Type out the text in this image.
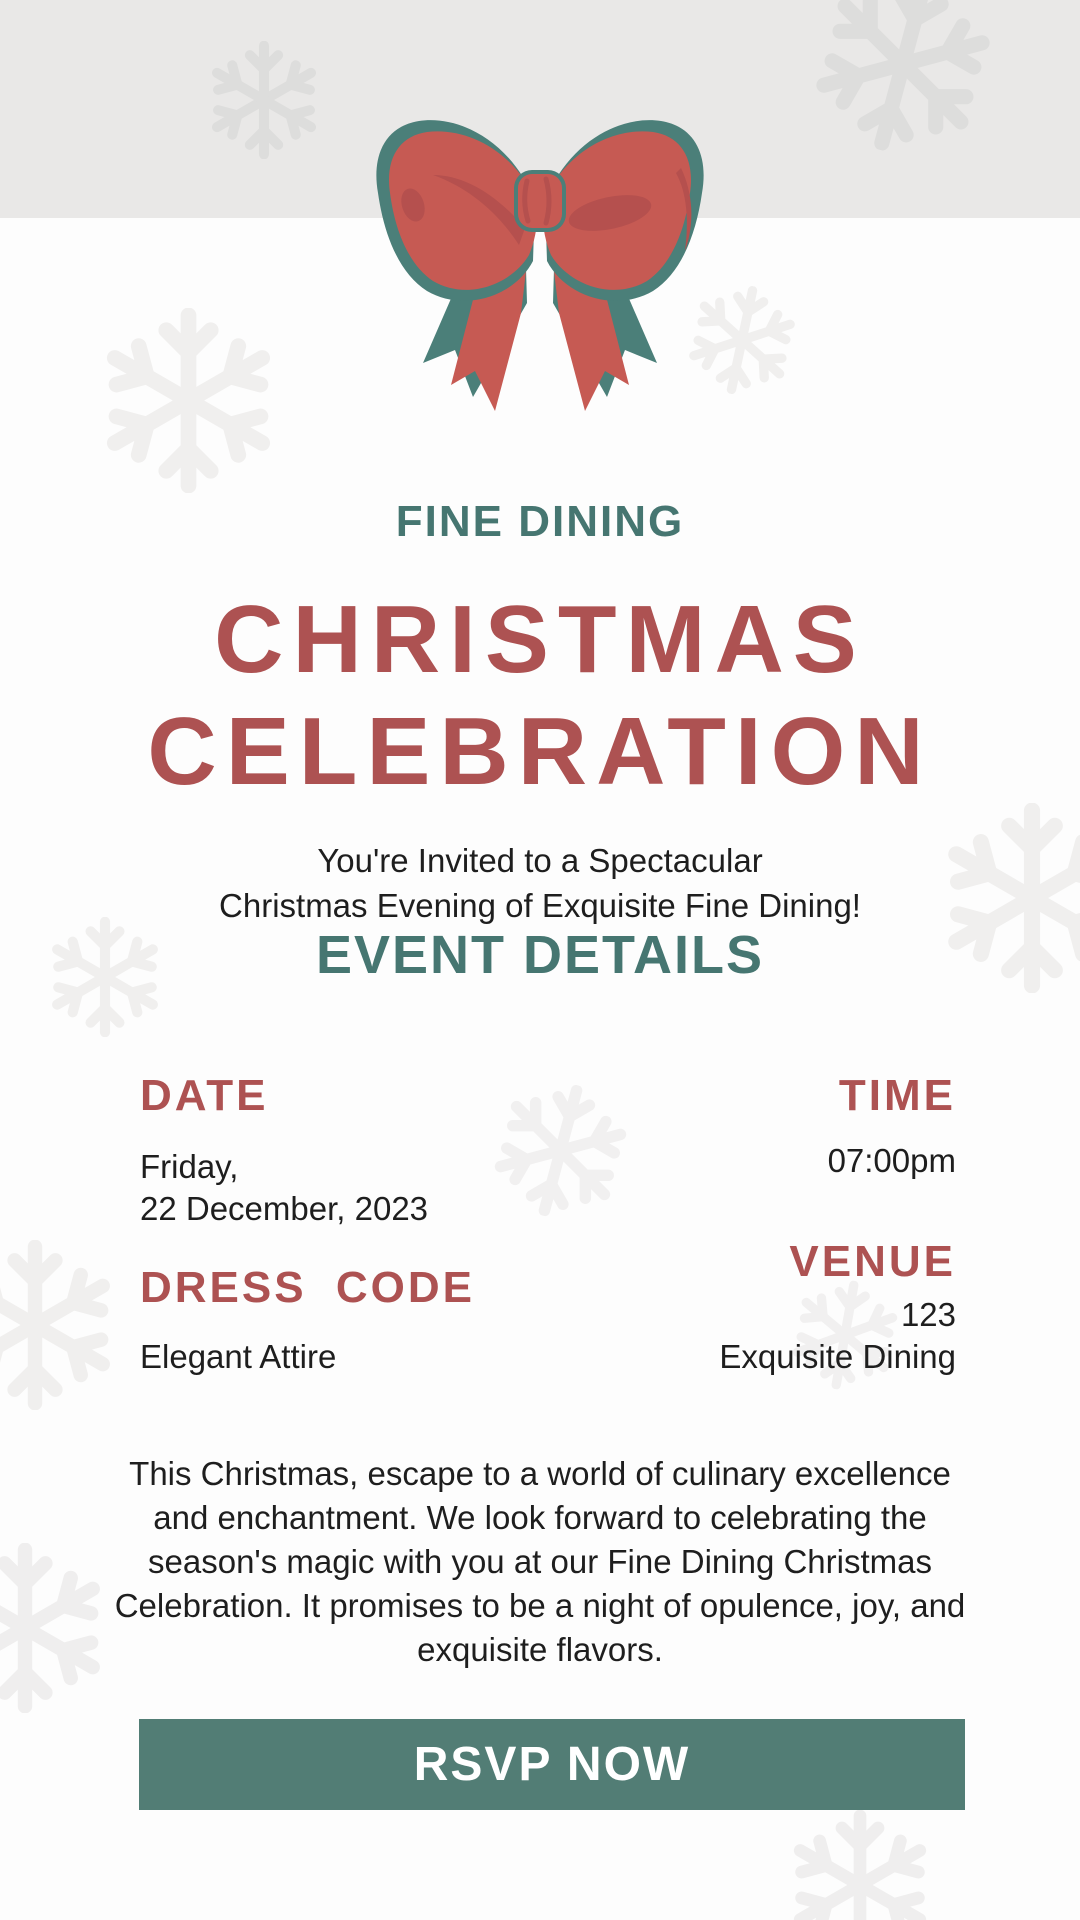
FINE DINING
CHRISTMAS
CELEBRATION
You're Invited to a Spectacular
Christmas Evening of Exquisite Fine Dining!
EVENT DETAILS
DATE
Friday,
22 December, 2023
DRESS CODE
Elegant Attire
TIME
07:00pm
VENUE
123
Exquisite Dining
This Christmas, escape to a world of culinary excellence and enchantment. We look forward to celebrating the season's magic with you at our Fine Dining Christmas Celebration. It promises to be a night of opulence, joy, and exquisite flavors.
RSVP NOW
